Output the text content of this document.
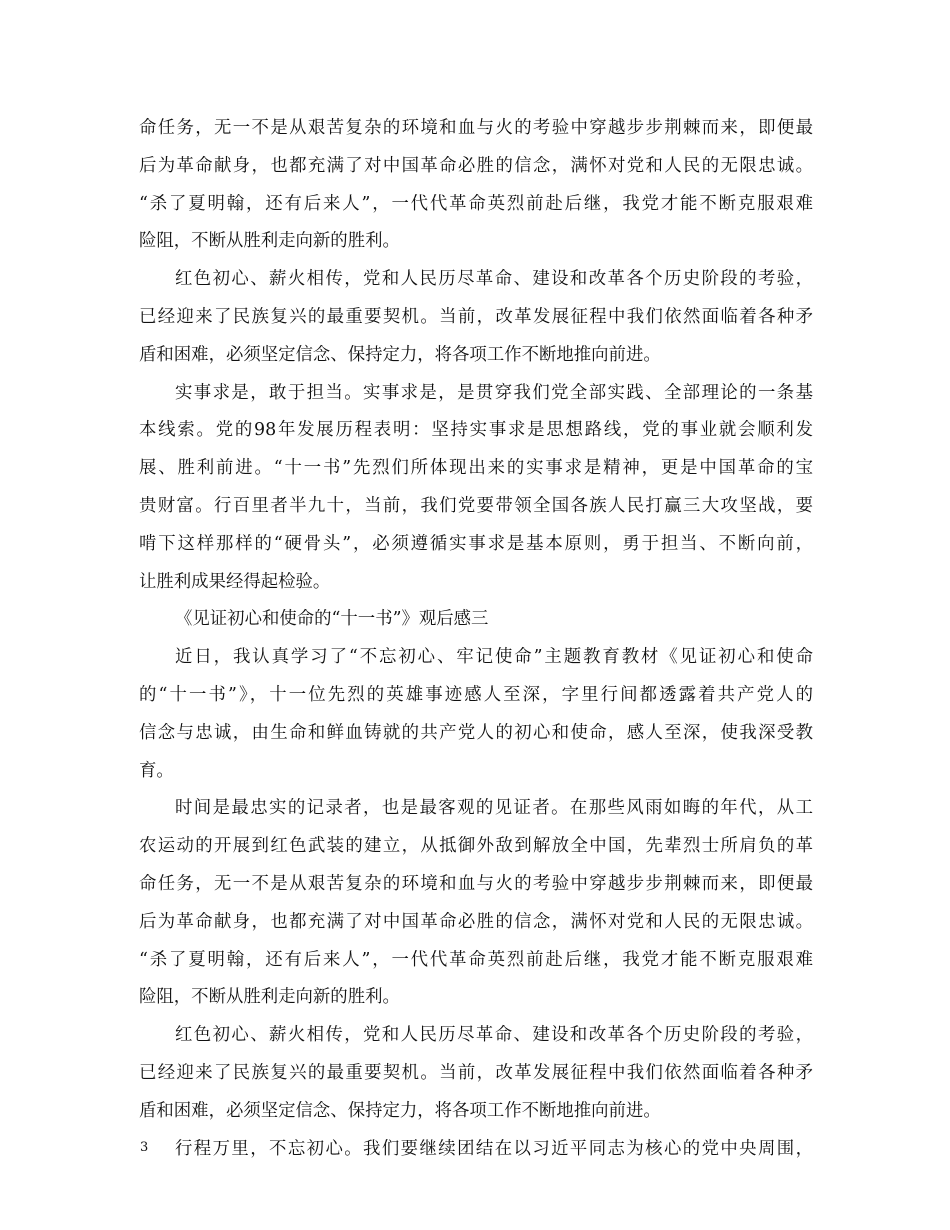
命任务，无一不是从艰苦复杂的环境和血与火的考验中穿越步步荆棘而来，即便最
后为革命献身，也都充满了对中国革命必胜的信念，满怀对党和人民的无限忠诚。
“杀了夏明翰，还有后来人”，一代代革命英烈前赴后继，我党才能不断克服艰难
险阻，不断从胜利走向新的胜利。
红色初心、薪火相传，党和人民历尽革命、建设和改革各个历史阶段的考验，
已经迎来了民族复兴的最重要契机。当前，改革发展征程中我们依然面临着各种矛
盾和困难，必须坚定信念、保持定力，将各项工作不断地推向前进。
实事求是，敢于担当。实事求是，是贯穿我们党全部实践、全部理论的一条基
本线索。党的98年发展历程表明：坚持实事求是思想路线，党的事业就会顺利发
展、胜利前进。“十一书”先烈们所体现出来的实事求是精神，更是中国革命的宝
贵财富。行百里者半九十，当前，我们党要带领全国各族人民打赢三大攻坚战，要
啃下这样那样的“硬骨头”，必须遵循实事求是基本原则，勇于担当、不断向前，
让胜利成果经得起检验。
《见证初心和使命的“十一书”》观后感三
近日，我认真学习了“不忘初心、牢记使命”主题教育教材《见证初心和使命
的“十一书”》，十一位先烈的英雄事迹感人至深，字里行间都透露着共产党人的
信念与忠诚，由生命和鲜血铸就的共产党人的初心和使命，感人至深，使我深受教
育。
时间是最忠实的记录者，也是最客观的见证者。在那些风雨如晦的年代，从工
农运动的开展到红色武装的建立，从抵御外敌到解放全中国，先辈烈士所肩负的革
命任务，无一不是从艰苦复杂的环境和血与火的考验中穿越步步荆棘而来，即便最
后为革命献身，也都充满了对中国革命必胜的信念，满怀对党和人民的无限忠诚。
“杀了夏明翰，还有后来人”，一代代革命英烈前赴后继，我党才能不断克服艰难
险阻，不断从胜利走向新的胜利。
红色初心、薪火相传，党和人民历尽革命、建设和改革各个历史阶段的考验，
已经迎来了民族复兴的最重要契机。当前，改革发展征程中我们依然面临着各种矛
盾和困难，必须坚定信念、保持定力，将各项工作不断地推向前进。
行程万里，不忘初心。我们要继续团结在以习近平同志为核心的党中央周围，
3
